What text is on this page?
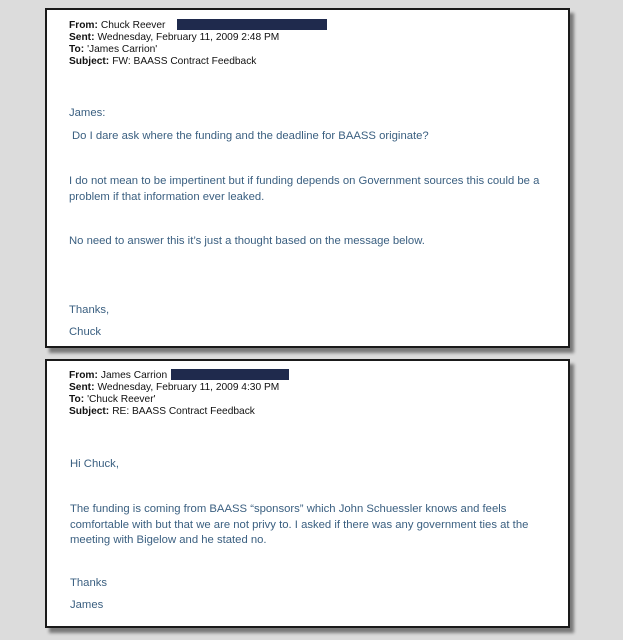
From: Chuck Reever
Sent: Wednesday, February 11, 2009 2:48 PM
To: 'James Carrion'
Subject: FW: BAASS Contract Feedback

James:

Do I dare ask where the funding and the deadline for BAASS originate?

I do not mean to be impertinent but if funding depends on Government sources this could be a problem if that information ever leaked.

No need to answer this it’s just a thought based on the message below.

Thanks,

Chuck

From: James Carrion
Sent: Wednesday, February 11, 2009 4:30 PM
To: 'Chuck Reever'
Subject: RE: BAASS Contract Feedback

Hi Chuck,

The funding is coming from BAASS “sponsors” which John Schuessler knows and feels comfortable with but that we are not privy to. I asked if there was any government ties at the meeting with Bigelow and he stated no.

Thanks

James
